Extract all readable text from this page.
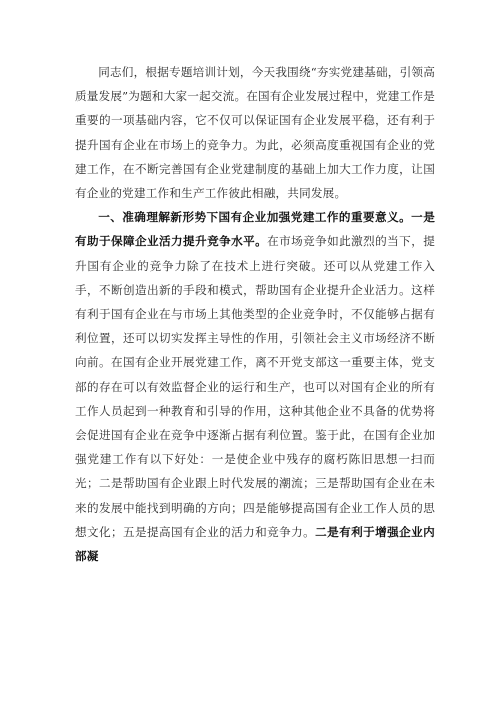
同志们，根据专题培训计划，今天我围绕“夯实党建基础，引领高质量发展”为题和大家一起交流。在国有企业发展过程中，党建工作是重要的一项基础内容，它不仅可以保证国有企业发展平稳，还有利于提升国有企业在市场上的竞争力。为此，必须高度重视国有企业的党建工作，在不断完善国有企业党建制度的基础上加大工作力度，让国有企业的党建工作和生产工作彼此相融，共同发展。

一、准确理解新形势下国有企业加强党建工作的重要意义。一是有助于保障企业活力提升竞争水平。在市场竞争如此激烈的当下，提升国有企业的竞争力除了在技术上进行突破。还可以从党建工作入手，不断创造出新的手段和模式，帮助国有企业提升企业活力。这样有利于国有企业在与市场上其他类型的企业竞争时，不仅能够占据有利位置，还可以切实发挥主导性的作用，引领社会主义市场经济不断向前。在国有企业开展党建工作，离不开党支部这一重要主体，党支部的存在可以有效监督企业的运行和生产，也可以对国有企业的所有工作人员起到一种教育和引导的作用，这种其他企业不具备的优势将会促进国有企业在竞争中逐渐占据有利位置。鉴于此，在国有企业加强党建工作有以下好处：一是使企业中残存的腐朽陈旧思想一扫而光；二是帮助国有企业跟上时代发展的潮流；三是帮助国有企业在未来的发展中能找到明确的方向；四是能够提高国有企业工作人员的思想文化；五是提高国有企业的活力和竞争力。二是有利于增强企业内部凝
